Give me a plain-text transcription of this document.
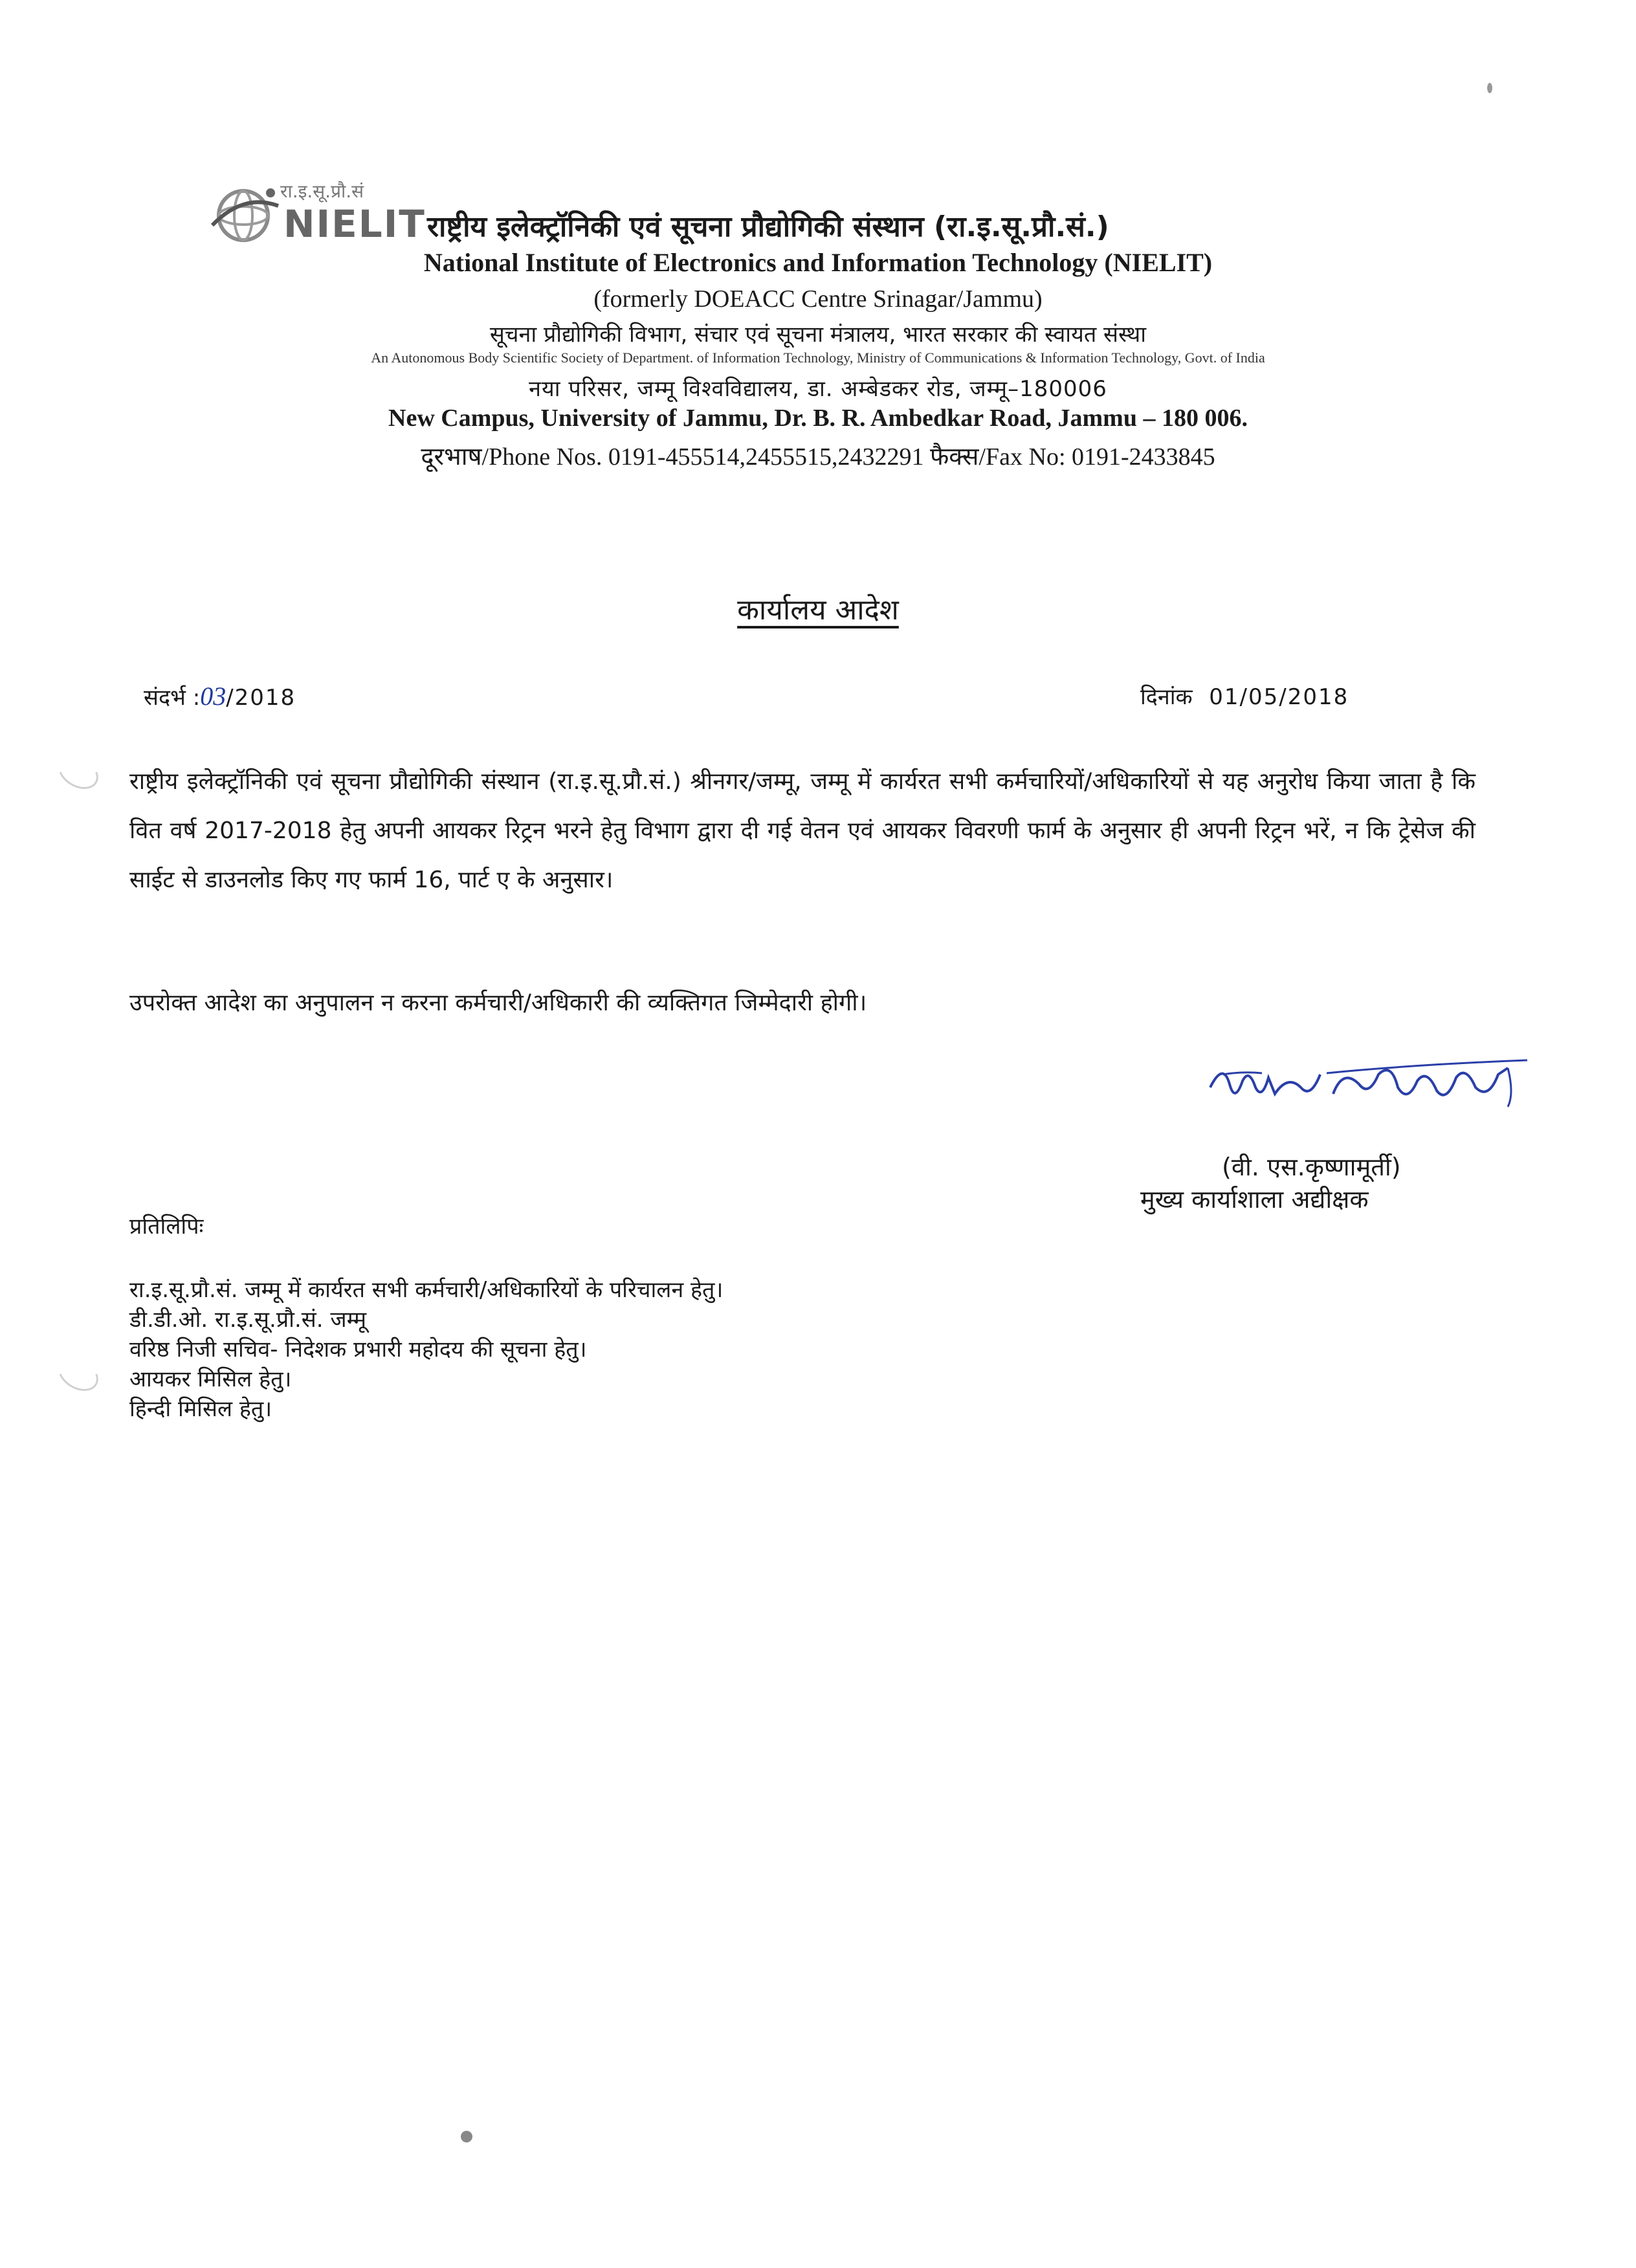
रा.इ.सू.प्रौ.सं
NIELIT राष्ट्रीय इलेक्ट्रॉनिकी एवं सूचना प्रौद्योगिकी संस्थान (रा.इ.सू.प्रौ.सं.)
National Institute of Electronics and Information Technology (NIELIT)
(formerly DOEACC Centre Srinagar/Jammu)
सूचना प्रौद्योगिकी विभाग, संचार एवं सूचना मंत्रालय, भारत सरकार की स्वायत संस्था
An Autonomous Body Scientific Society of Department. of Information Technology, Ministry of Communications & Information Technology, Govt. of India
नया परिसर, जम्मू विश्वविद्यालय, डा. अम्बेडकर रोड, जम्मू–180006
New Campus, University of Jammu, Dr. B. R. Ambedkar Road, Jammu – 180 006.
दूरभाष/Phone Nos. 0191-455514,2455515,2432291 फैक्स/Fax No: 0191-2433845
कार्यालय आदेश
संदर्भ :03/2018	दिनांक 01/05/2018
राष्ट्रीय इलेक्ट्रॉनिकी एवं सूचना प्रौद्योगिकी संस्थान (रा.इ.सू.प्रौ.सं.) श्रीनगर/जम्मू, जम्मू में कार्यरत सभी कर्मचारियों/अधिकारियों से यह अनुरोध किया जाता है कि वित वर्ष 2017-2018 हेतु अपनी आयकर रिट्रन भरने हेतु विभाग द्वारा दी गई वेतन एवं आयकर विवरणी फार्म के अनुसार ही अपनी रिट्रन भरें, न कि ट्रेसेज की साईट से डाउनलोड किए गए फार्म 16, पार्ट ए के अनुसार।
उपरोक्त आदेश का अनुपालन न करना कर्मचारी/अधिकारी की व्यक्तिगत जिम्मेदारी होगी।
(वी. एस.कृष्णामूर्ती)
मुख्य कार्याशाला अद्यीक्षक
प्रतिलिपिः
रा.इ.सू.प्रौ.सं. जम्मू में कार्यरत सभी कर्मचारी/अधिकारियों के परिचालन हेतु।
डी.डी.ओ. रा.इ.सू.प्रौ.सं. जम्मू
वरिष्ठ निजी सचिव- निदेशक प्रभारी महोदय की सूचना हेतु।
आयकर मिसिल हेतु।
हिन्दी मिसिल हेतु।
